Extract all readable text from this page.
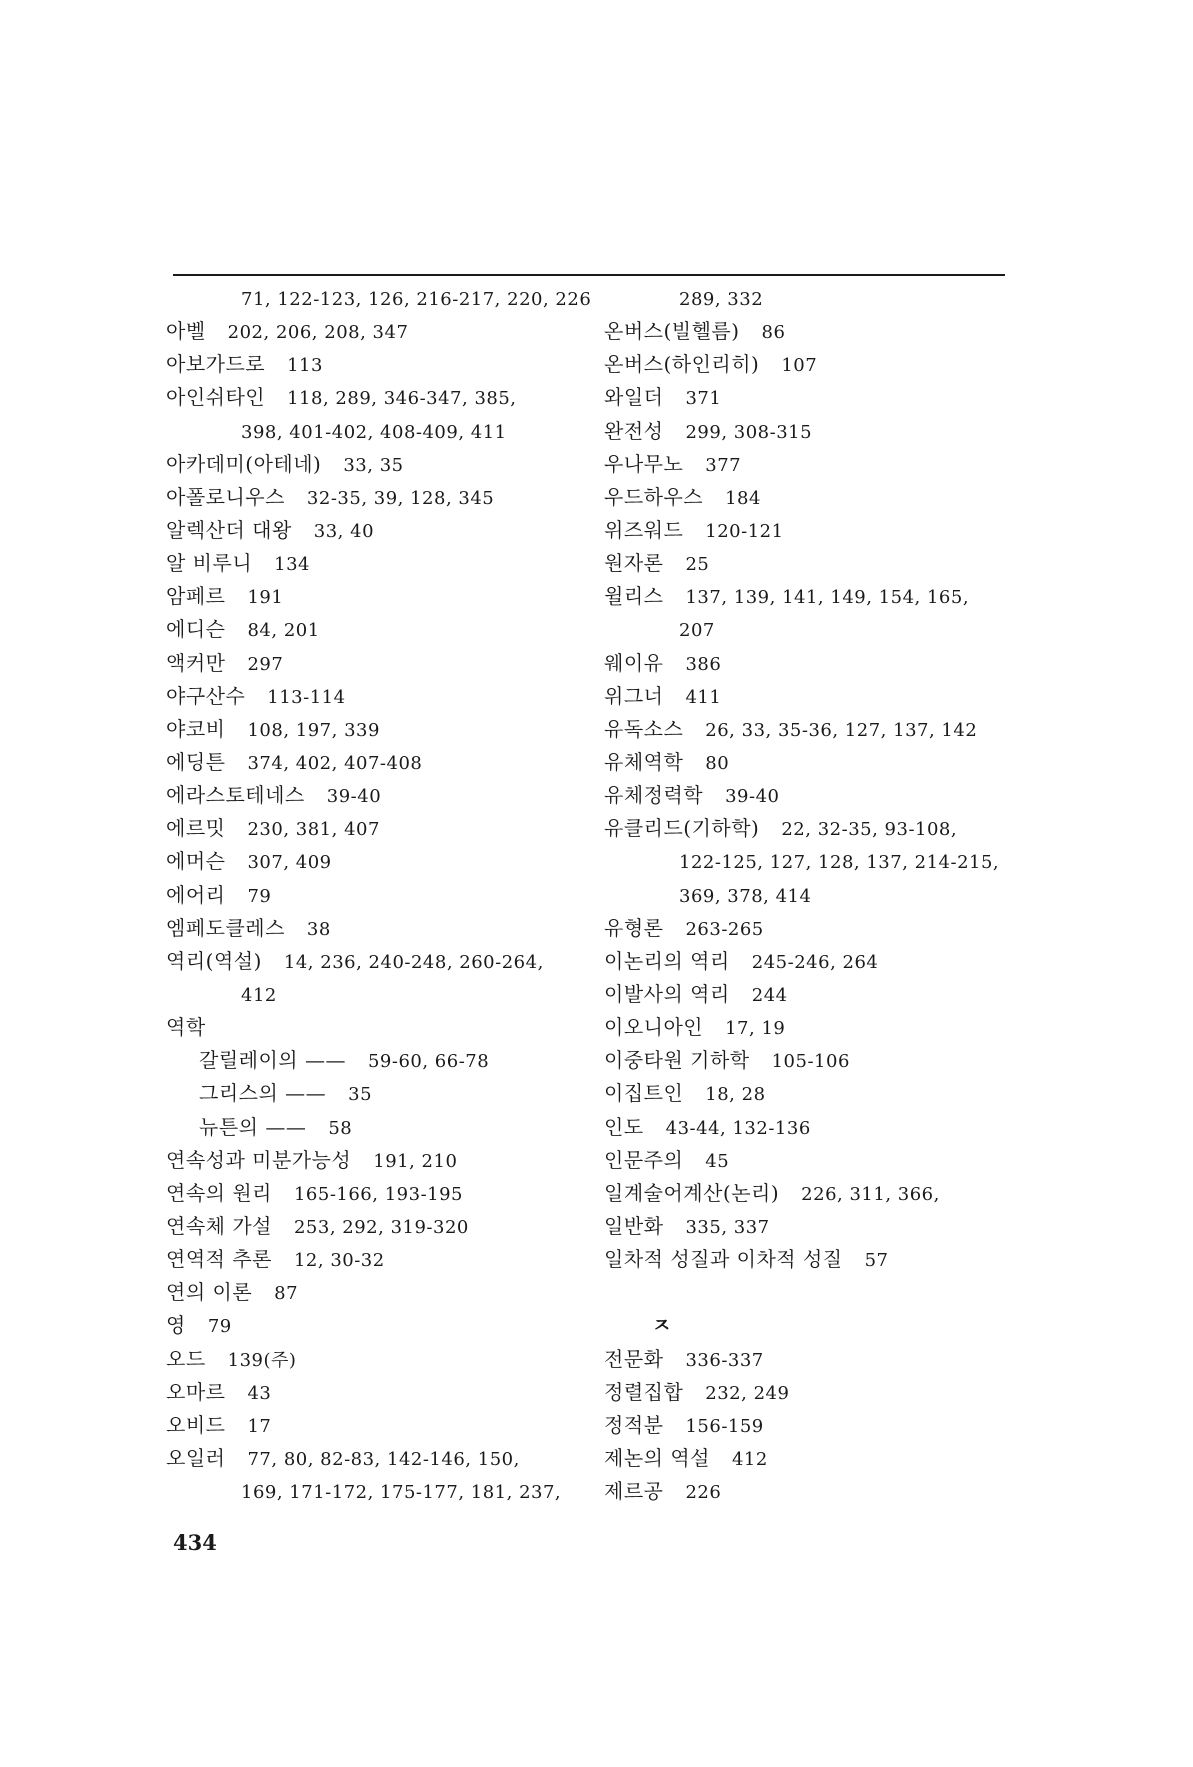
71, 122-123, 126, 216-217, 220, 226
아벨 202, 206, 208, 347
아보가드로 113
아인쉬타인 118, 289, 346-347, 385,
398, 401-402, 408-409, 411
아카데미(아테네) 33, 35
아폴로니우스 32-35, 39, 128, 345
알렉산더 대왕 33, 40
알 비루니 134
암페르 191
에디슨 84, 201
액커만 297
야구산수 113-114
야코비 108, 197, 339
에딩튼 374, 402, 407-408
에라스토테네스 39-40
에르밋 230, 381, 407
에머슨 307, 409
에어리 79
엠페도클레스 38
역리(역설) 14, 236, 240-248, 260-264,
412
역학
갈릴레이의 —— 59-60, 66-78
그리스의 —— 35
뉴튼의 —— 58
연속성과 미분가능성 191, 210
연속의 원리 165-166, 193-195
연속체 가설 253, 292, 319-320
연역적 추론 12, 30-32
연의 이론 87
영 79
오드 139(주)
오마르 43
오비드 17
오일러 77, 80, 82-83, 142-146, 150,
169, 171-172, 175-177, 181, 237,
289, 332
온버스(빌헬름) 86
온버스(하인리히) 107
와일더 371
완전성 299, 308-315
우나무노 377
우드하우스 184
위즈워드 120-121
원자론 25
윌리스 137, 139, 141, 149, 154, 165,
207
웨이유 386
위그너 411
유독소스 26, 33, 35-36, 127, 137, 142
유체역학 80
유체정력학 39-40
유클리드(기하학) 22, 32-35, 93-108,
122-125, 127, 128, 137, 214-215,
369, 378, 414
유형론 263-265
이논리의 역리 245-246, 264
이발사의 역리 244
이오니아인 17, 19
이중타원 기하학 105-106
이집트인 18, 28
인도 43-44, 132-136
인문주의 45
일계술어계산(논리) 226, 311, 366,
일반화 335, 337
일차적 성질과 이차적 성질 57
ㅈ
전문화 336-337
정렬집합 232, 249
정적분 156-159
제논의 역설 412
제르공 226
434
